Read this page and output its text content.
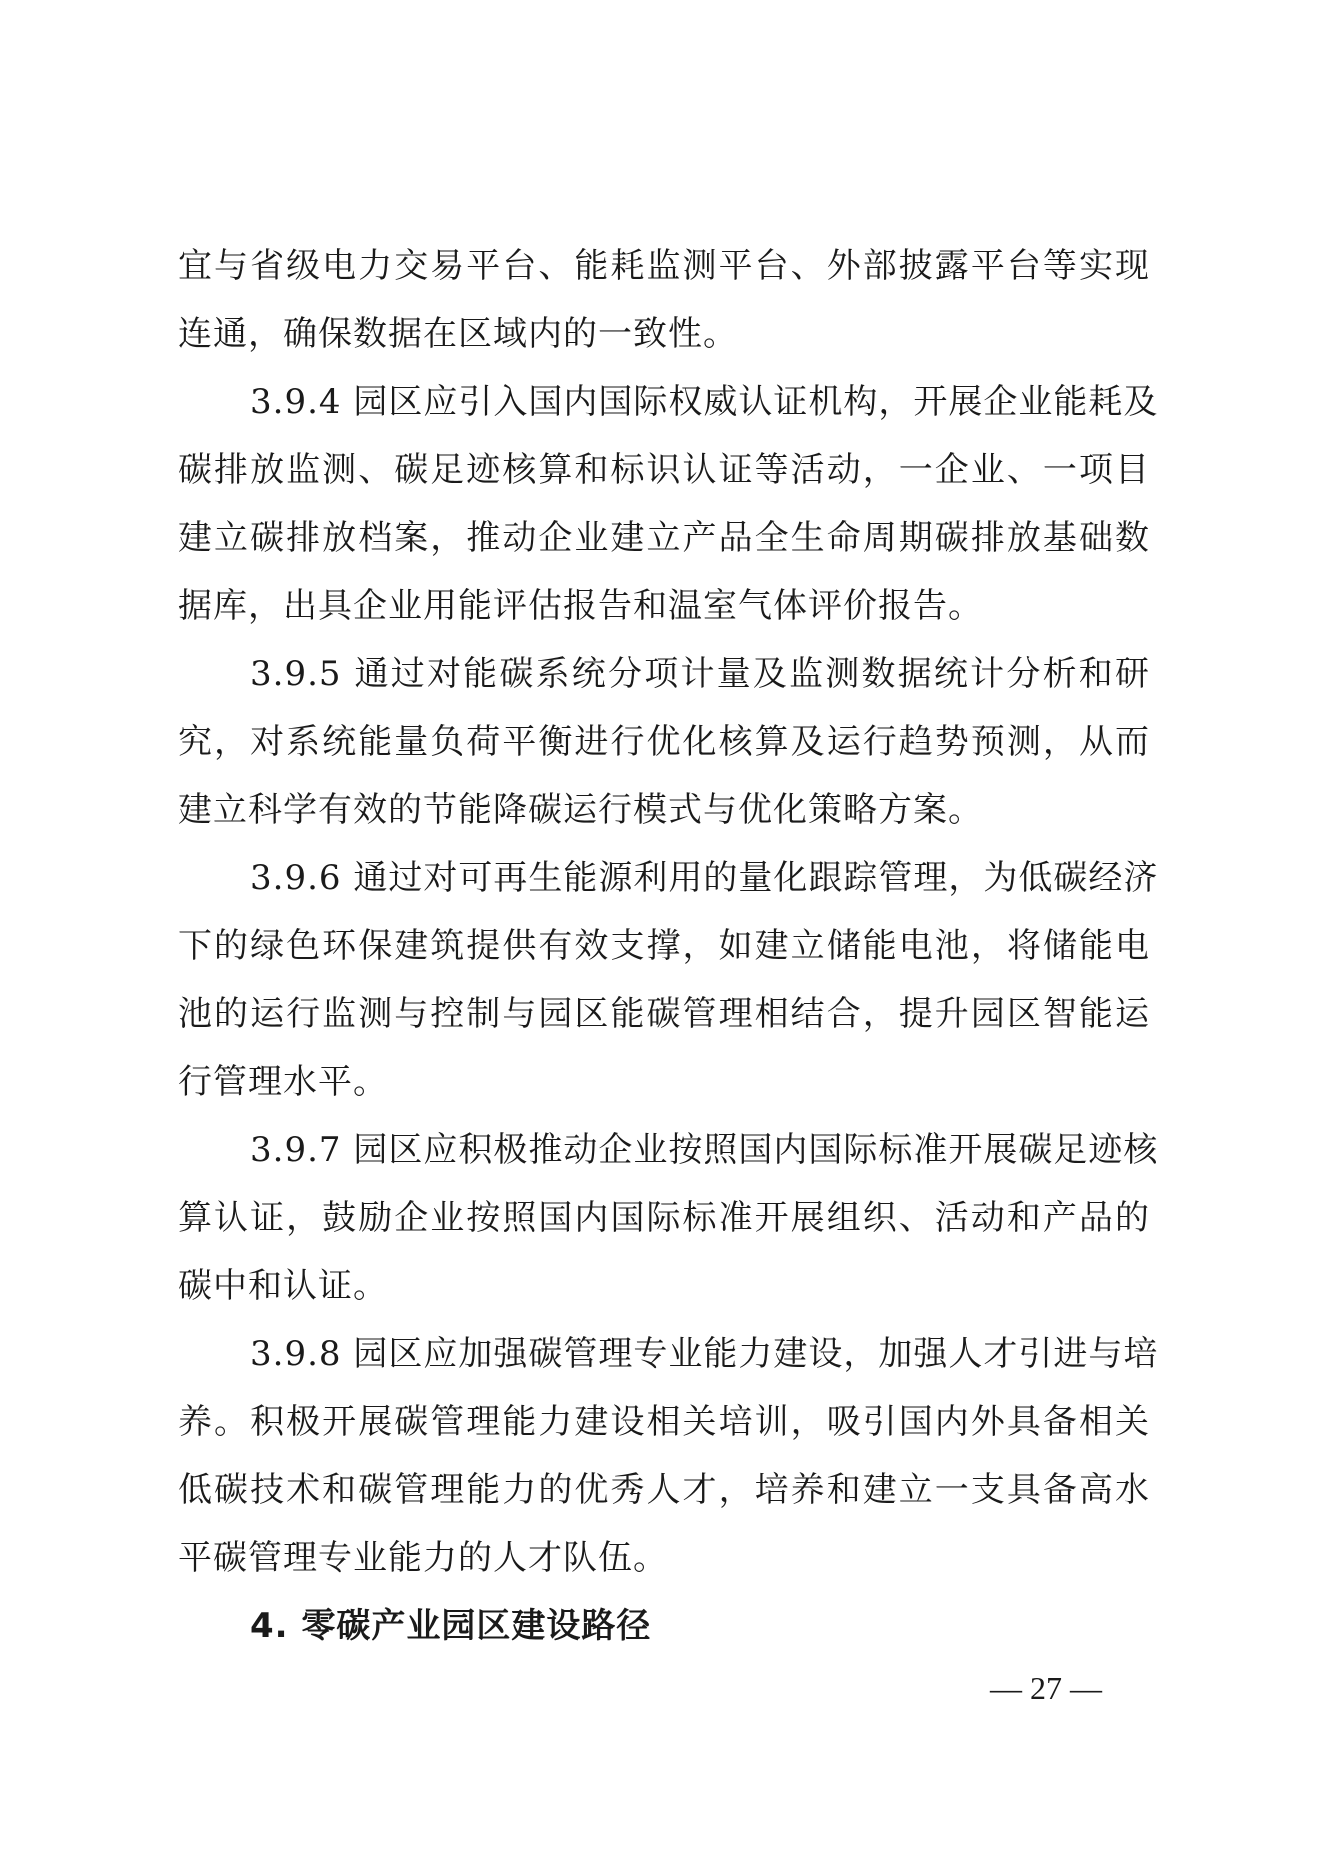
宜与省级电力交易平台、能耗监测平台、外部披露平台等实现
连通，确保数据在区域内的一致性。
3.9.4 园区应引入国内国际权威认证机构，开展企业能耗及
碳排放监测、碳足迹核算和标识认证等活动，一企业、一项目
建立碳排放档案，推动企业建立产品全生命周期碳排放基础数
据库，出具企业用能评估报告和温室气体评价报告。
3.9.5 通过对能碳系统分项计量及监测数据统计分析和研
究，对系统能量负荷平衡进行优化核算及运行趋势预测，从而
建立科学有效的节能降碳运行模式与优化策略方案。
3.9.6 通过对可再生能源利用的量化跟踪管理，为低碳经济
下的绿色环保建筑提供有效支撑，如建立储能电池，将储能电
池的运行监测与控制与园区能碳管理相结合，提升园区智能运
行管理水平。
3.9.7 园区应积极推动企业按照国内国际标准开展碳足迹核
算认证，鼓励企业按照国内国际标准开展组织、活动和产品的
碳中和认证。
3.9.8 园区应加强碳管理专业能力建设，加强人才引进与培
养。积极开展碳管理能力建设相关培训，吸引国内外具备相关
低碳技术和碳管理能力的优秀人才，培养和建立一支具备高水
平碳管理专业能力的人才队伍。
4. 零碳产业园区建设路径
— 27 —
